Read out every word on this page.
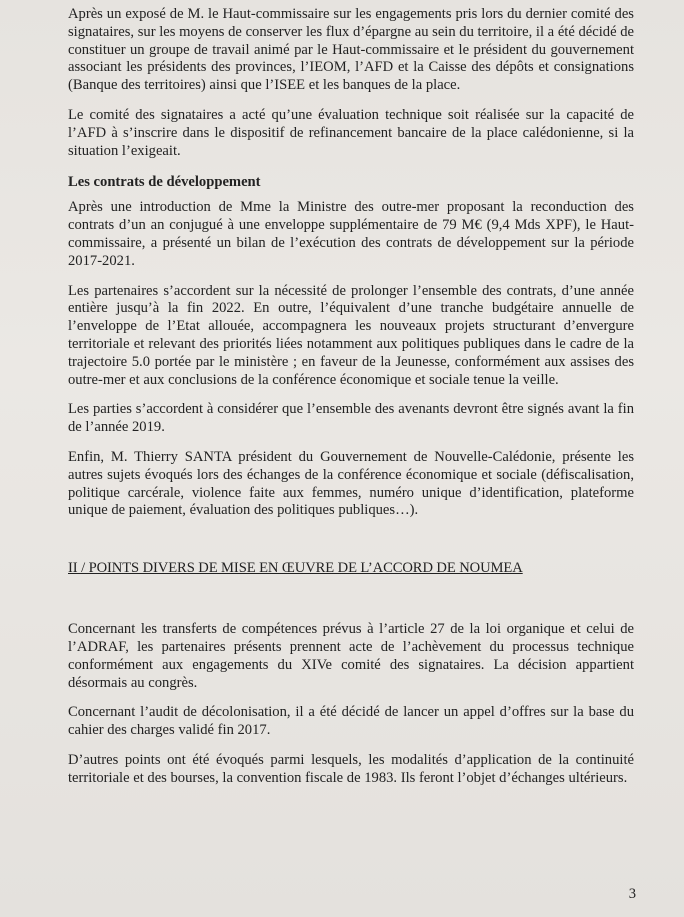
Après un exposé de M. le Haut-commissaire sur les engagements pris lors du dernier comité des signataires, sur les moyens de conserver les flux d’épargne au sein du territoire, il a été décidé de constituer un groupe de travail animé par le Haut-commissaire et le président du gouvernement associant les présidents des provinces, l’IEOM, l’AFD et la Caisse des dépôts et consignations (Banque des territoires) ainsi que l’ISEE et les banques de la place.

Le comité des signataires a acté qu’une évaluation technique soit réalisée sur la capacité de l’AFD à s’inscrire dans le dispositif de refinancement bancaire de la place calédonienne, si la situation l’exigeait.

Les contrats de développement

Après une introduction de Mme la Ministre des outre-mer proposant la reconduction des contrats d’un an conjugué à une enveloppe supplémentaire de 79 M€ (9,4 Mds XPF), le Haut-commissaire, a présenté un bilan de l’exécution des contrats de développement sur la période 2017-2021.

Les partenaires s’accordent sur la nécessité de prolonger l’ensemble des contrats, d’une année entière jusqu’à la fin 2022. En outre, l’équivalent d’une tranche budgétaire annuelle de l’enveloppe de l’Etat allouée, accompagnera les nouveaux projets structurant d’envergure territoriale et relevant des priorités liées notamment aux politiques publiques dans le cadre de la trajectoire 5.0 portée par le ministère ; en faveur de la Jeunesse, conformément aux assises des outre-mer et aux conclusions de la conférence économique et sociale tenue la veille.

Les parties s’accordent à considérer que l’ensemble des avenants devront être signés avant la fin de l’année 2019.

Enfin, M. Thierry SANTA président du Gouvernement de Nouvelle-Calédonie, présente les autres sujets évoqués lors des échanges de la conférence économique et sociale (défiscalisation, politique carcérale, violence faite aux femmes, numéro unique d’identification, plateforme unique de paiement, évaluation des politiques publiques…).

II / POINTS DIVERS DE MISE EN ŒUVRE DE L’ACCORD DE NOUMEA

Concernant les transferts de compétences prévus à l’article 27 de la loi organique et celui de l’ADRAF, les partenaires présents prennent acte de l’achèvement du processus technique conformément aux engagements du XIVe comité des signataires. La décision appartient désormais au congrès.

Concernant l’audit de décolonisation, il a été décidé de lancer un appel d’offres sur la base du cahier des charges validé fin 2017.

D’autres points ont été évoqués parmi lesquels, les modalités d’application de la continuité territoriale et des bourses, la convention fiscale de 1983. Ils feront l’objet d’échanges ultérieurs.

3
